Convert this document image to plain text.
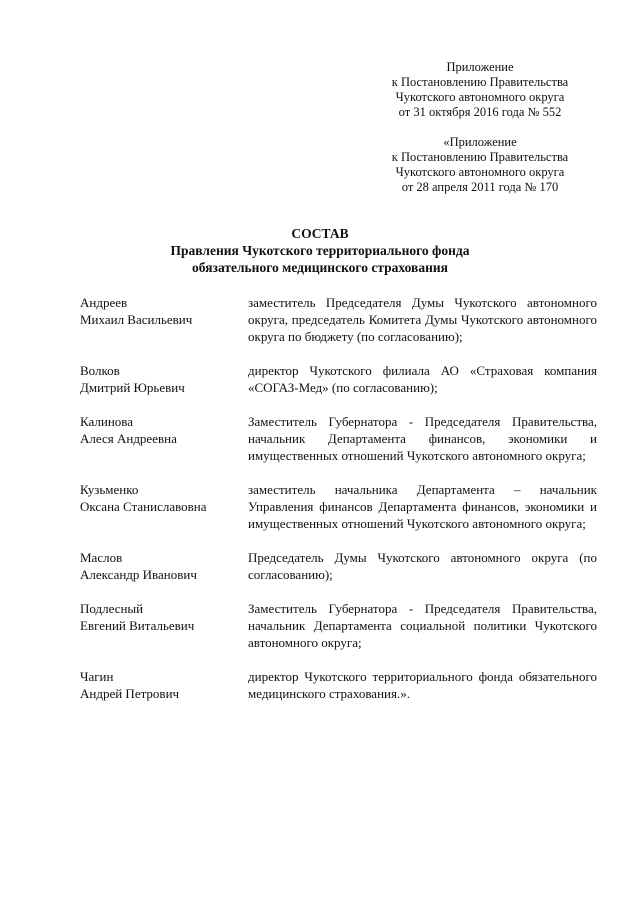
Приложение
к Постановлению Правительства
Чукотского автономного округа
от 31 октября 2016 года № 552
«Приложение
к Постановлению Правительства
Чукотского автономного округа
от 28 апреля 2011 года № 170
СОСТАВ
Правления Чукотского территориального фонда
обязательного медицинского страхования
Андреев
Михаил Васильевич
заместитель Председателя Думы Чукотского автономного округа, председатель Комитета Думы Чукотского автономного округа по бюджету (по согласованию);
Волков
Дмитрий Юрьевич
директор Чукотского филиала АО «Страховая компания «СОГАЗ-Мед» (по согласованию);
Калинова
Алеся Андреевна
Заместитель Губернатора - Председателя Правительства, начальник Департамента финансов, экономики и имущественных отношений Чукотского автономного округа;
Кузьменко
Оксана Станиславовна
заместитель начальника Департамента – начальник Управления финансов Департамента финансов, экономики и имущественных отношений Чукотского автономного округа;
Маслов
Александр Иванович
Председатель Думы Чукотского автономного округа (по согласованию);
Подлесный
Евгений Витальевич
Заместитель Губернатора - Председателя Правительства, начальник Департамента социальной политики Чукотского автономного округа;
Чагин
Андрей Петрович
директор Чукотского территориального фонда обязательного медицинского страхования.».
